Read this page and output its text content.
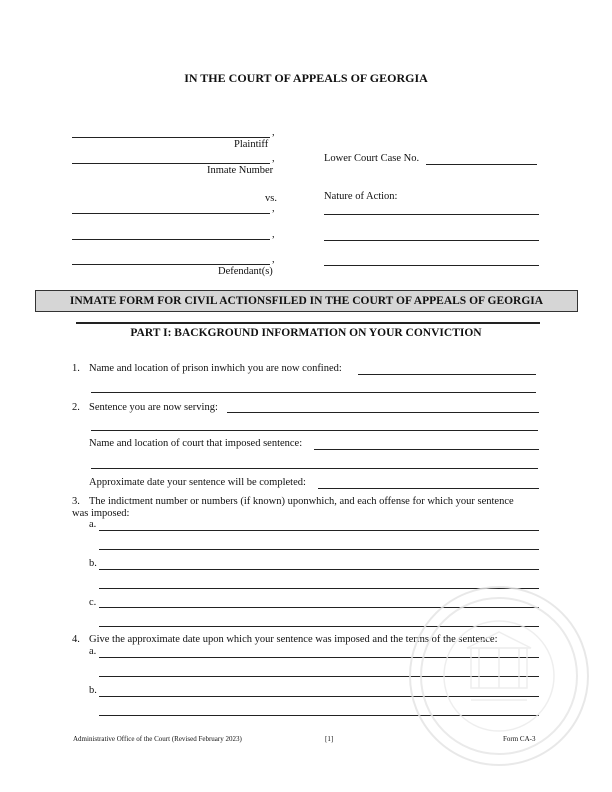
IN THE COURT OF APPEALS OF GEORGIA
,
Plaintiff
,
Inmate Number
vs.
,
,
,
Defendant(s)
Lower Court Case No.
Nature of Action:
INMATE FORM FOR CIVIL ACTIONSFILED IN THE COURT OF APPEALS OF GEORGIA
PART I: BACKGROUND INFORMATION ON YOUR CONVICTION
1. Name and location of prison inwhich you are now confined:
2. Sentence you are now serving:
Name and location of court that imposed sentence:
Approximate date your sentence will be completed:
3. The indictment number or numbers (if known) uponwhich, and each offense for which your sentence
was imposed:
a.
b.
c.
4. Give the approximate date upon which your sentence was imposed and the terms of the sentence:
a.
b.
Administrative Office of the Court (Revised February 2023)	[1]	Form CA-3
